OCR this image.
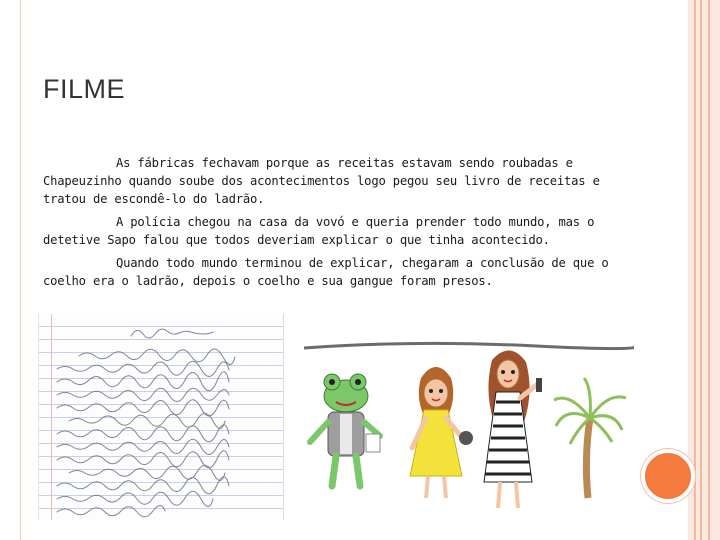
FILME

As fábricas fechavam porque as receitas estavam sendo roubadas e Chapeuzinho quando soube dos acontecimentos logo pegou seu livro de receitas e tratou de escondê-lo do ladrão.

A polícia chegou na casa da vovó e queria prender todo mundo, mas o detetive Sapo falou que todos deveriam explicar o que tinha acontecido.

Quando todo mundo terminou de explicar, chegaram a conclusão de que o coelho era o ladrão, depois o coelho e sua gangue foram presos.
